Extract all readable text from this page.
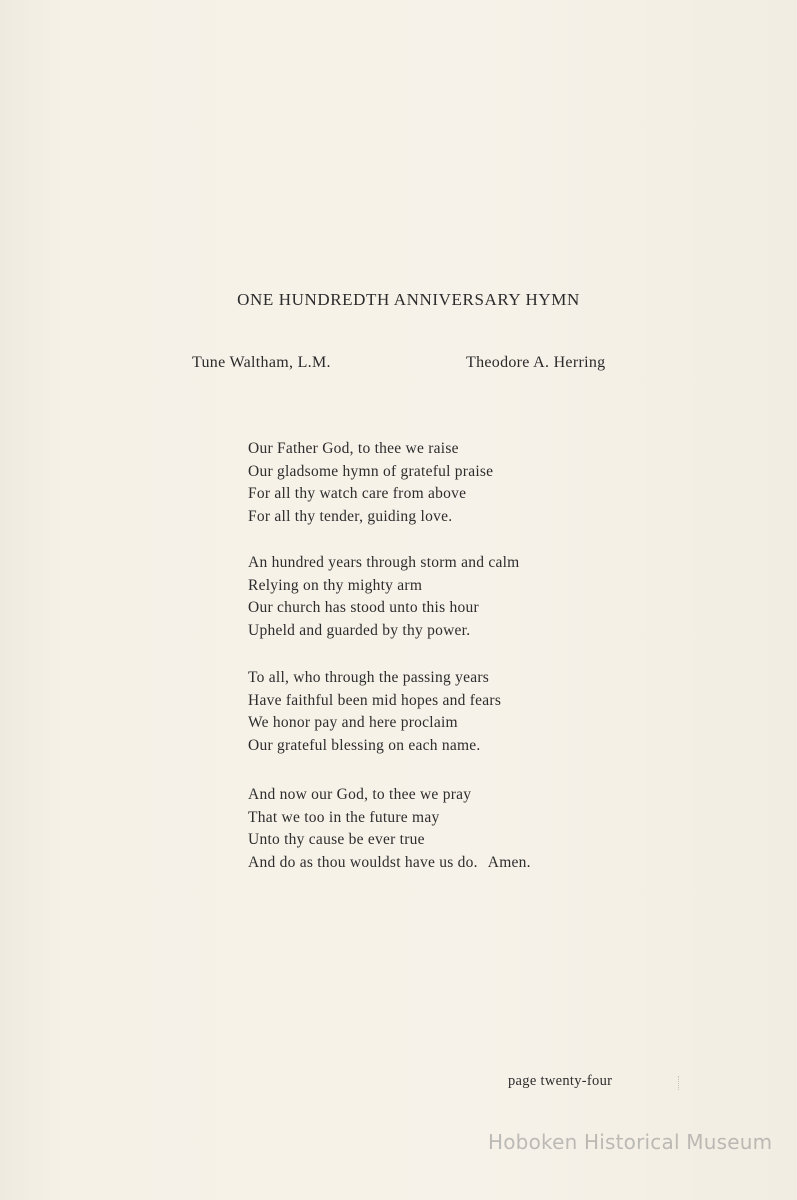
ONE HUNDREDTH ANNIVERSARY HYMN
Tune Waltham, L.M.	Theodore A. Herring
Our Father God, to thee we raise
Our gladsome hymn of grateful praise
For all thy watch care from above
For all thy tender, guiding love.
An hundred years through storm and calm
Relying on thy mighty arm
Our church has stood unto this hour
Upheld and guarded by thy power.
To all, who through the passing years
Have faithful been mid hopes and fears
We honor pay and here proclaim
Our grateful blessing on each name.
And now our God, to thee we pray
That we too in the future may
Unto thy cause be ever true
And do as thou wouldst have us do. Amen.
page twenty-four
Hoboken Historical Museum
